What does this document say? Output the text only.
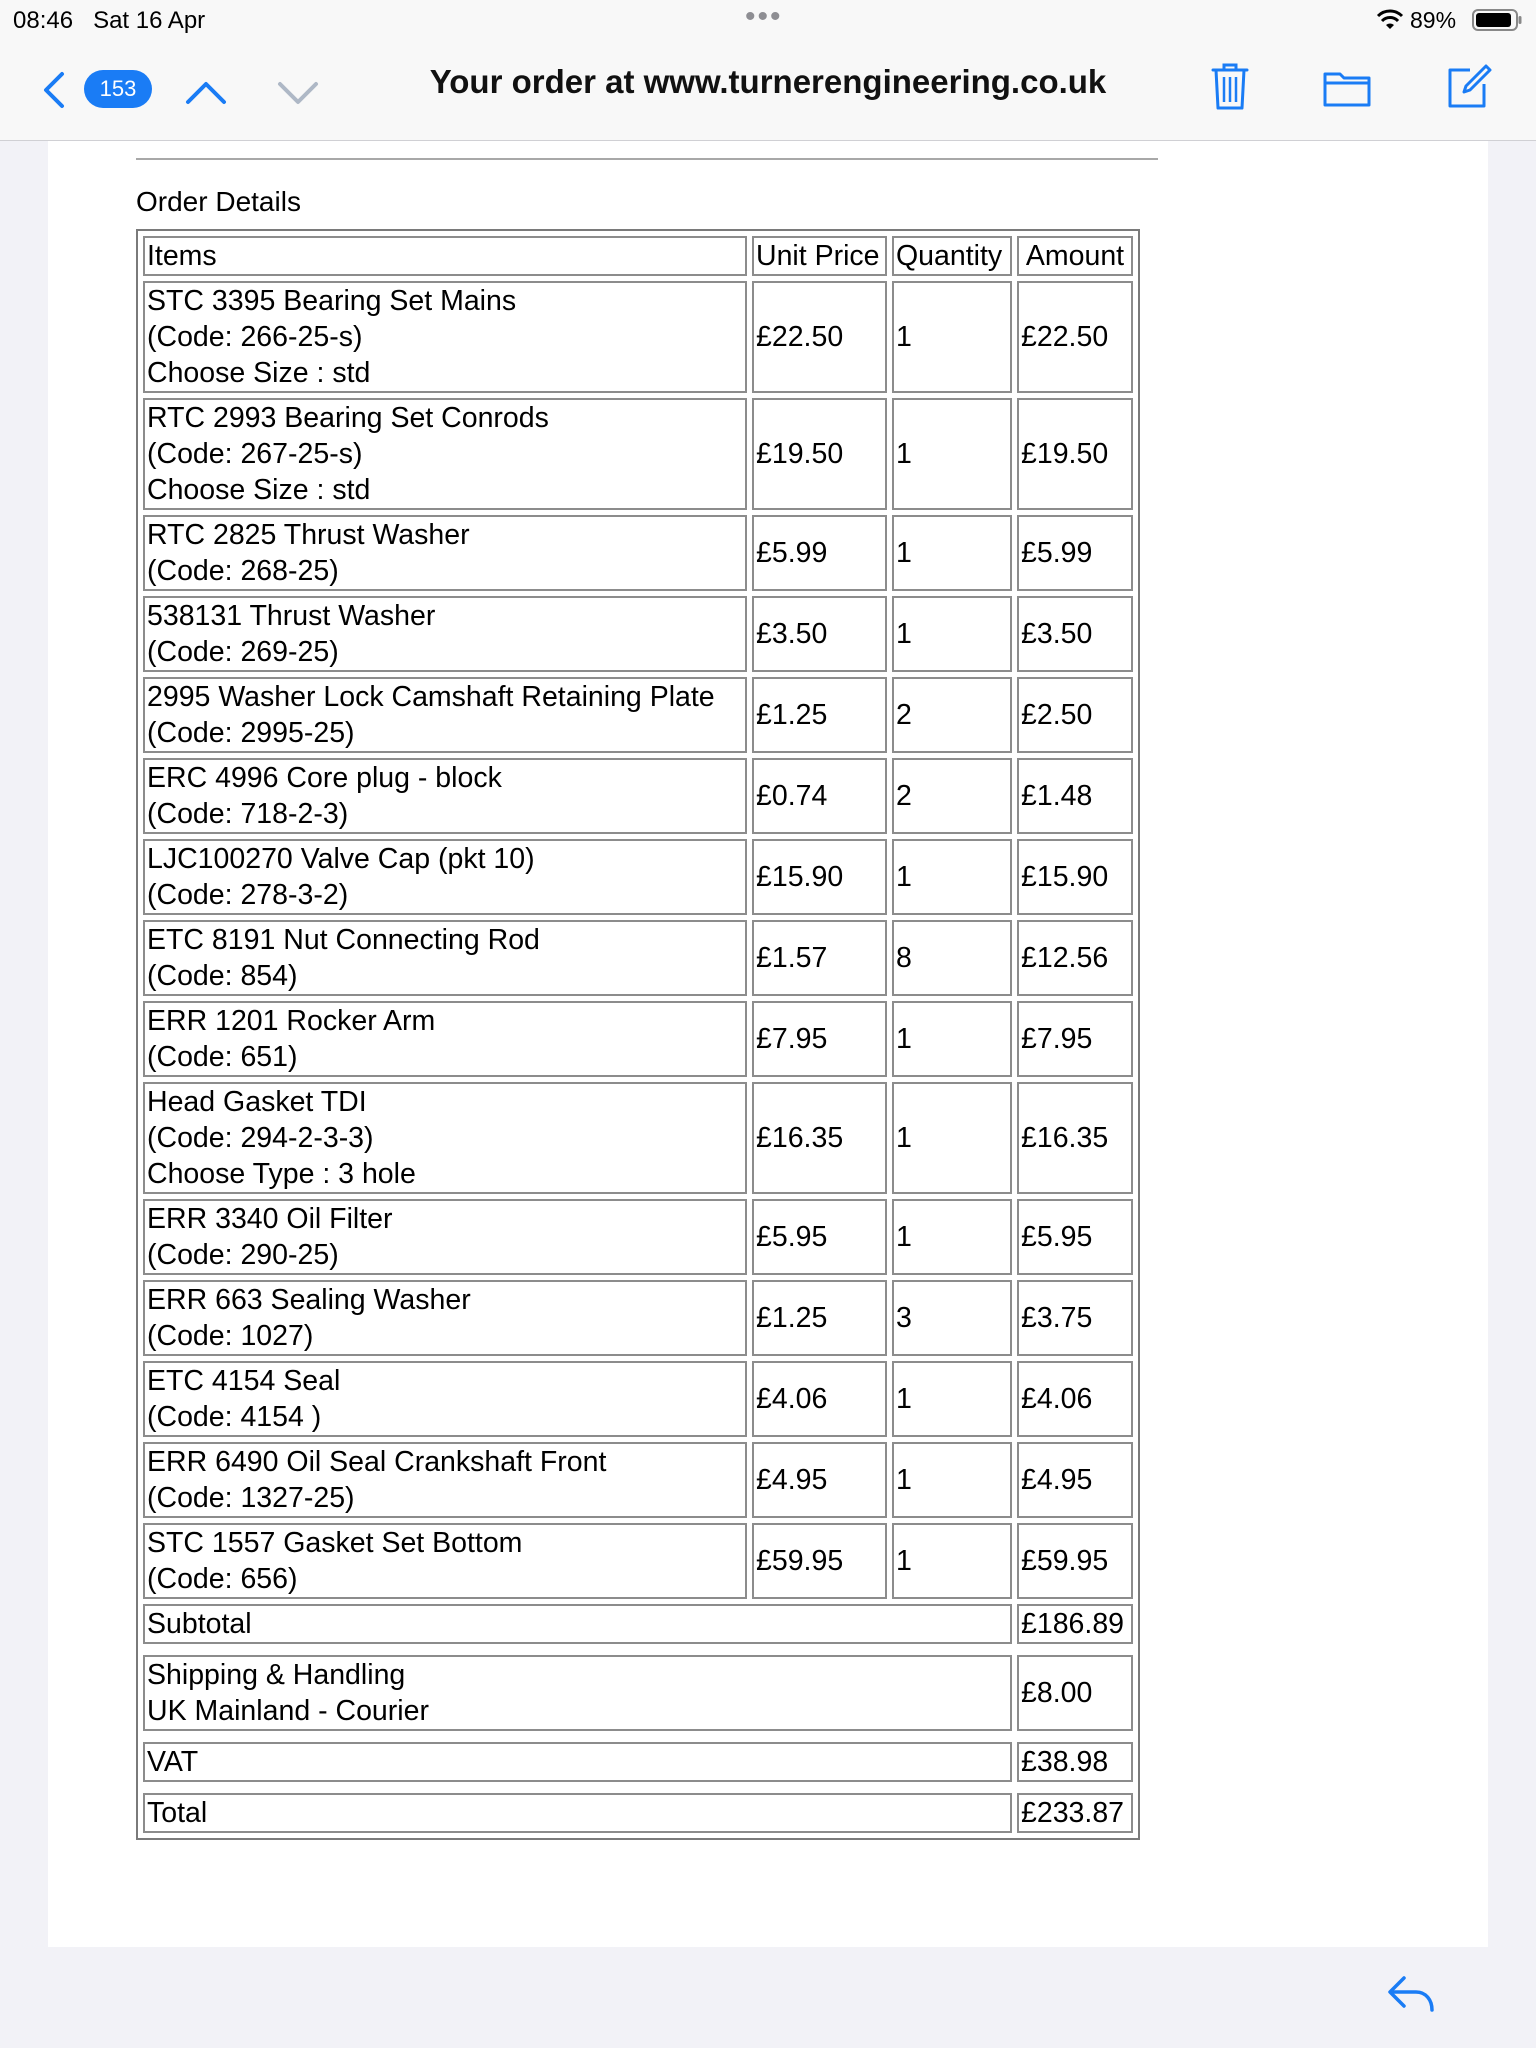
08:46 Sat 16 Apr	•••	89%
153	Your order at www.turnerengineering.co.uk
Order Details
Items	Unit Price	Quantity	Amount

STC 3395 Bearing Set Mains
(Code: 266-25-s)
Choose Size : std	£22.50	1	£22.50

RTC 2993 Bearing Set Conrods
(Code: 267-25-s)
Choose Size : std	£19.50	1	£19.50

RTC 2825 Thrust Washer
(Code: 268-25)	£5.99	1	£5.99

538131 Thrust Washer
(Code: 269-25)	£3.50	1	£3.50

2995 Washer Lock Camshaft Retaining Plate
(Code: 2995-25)	£1.25	2	£2.50

ERC 4996 Core plug - block
(Code: 718-2-3)	£0.74	2	£1.48

LJC100270 Valve Cap (pkt 10)
(Code: 278-3-2)	£15.90	1	£15.90

ETC 8191 Nut Connecting Rod
(Code: 854)	£1.57	8	£12.56

ERR 1201 Rocker Arm
(Code: 651)	£7.95	1	£7.95

Head Gasket TDI
(Code: 294-2-3-3)
Choose Type : 3 hole	£16.35	1	£16.35

ERR 3340 Oil Filter
(Code: 290-25)	£5.95	1	£5.95

ERR 663 Sealing Washer
(Code: 1027)	£1.25	3	£3.75

ETC 4154 Seal
(Code: 4154 )	£4.06	1	£4.06

ERR 6490 Oil Seal Crankshaft Front
(Code: 1327-25)	£4.95	1	£4.95

STC 1557 Gasket Set Bottom
(Code: 656)	£59.95	1	£59.95

Subtotal			£186.89

Shipping & Handling
UK Mainland - Courier			£8.00

VAT			£38.98

Total			£233.87
